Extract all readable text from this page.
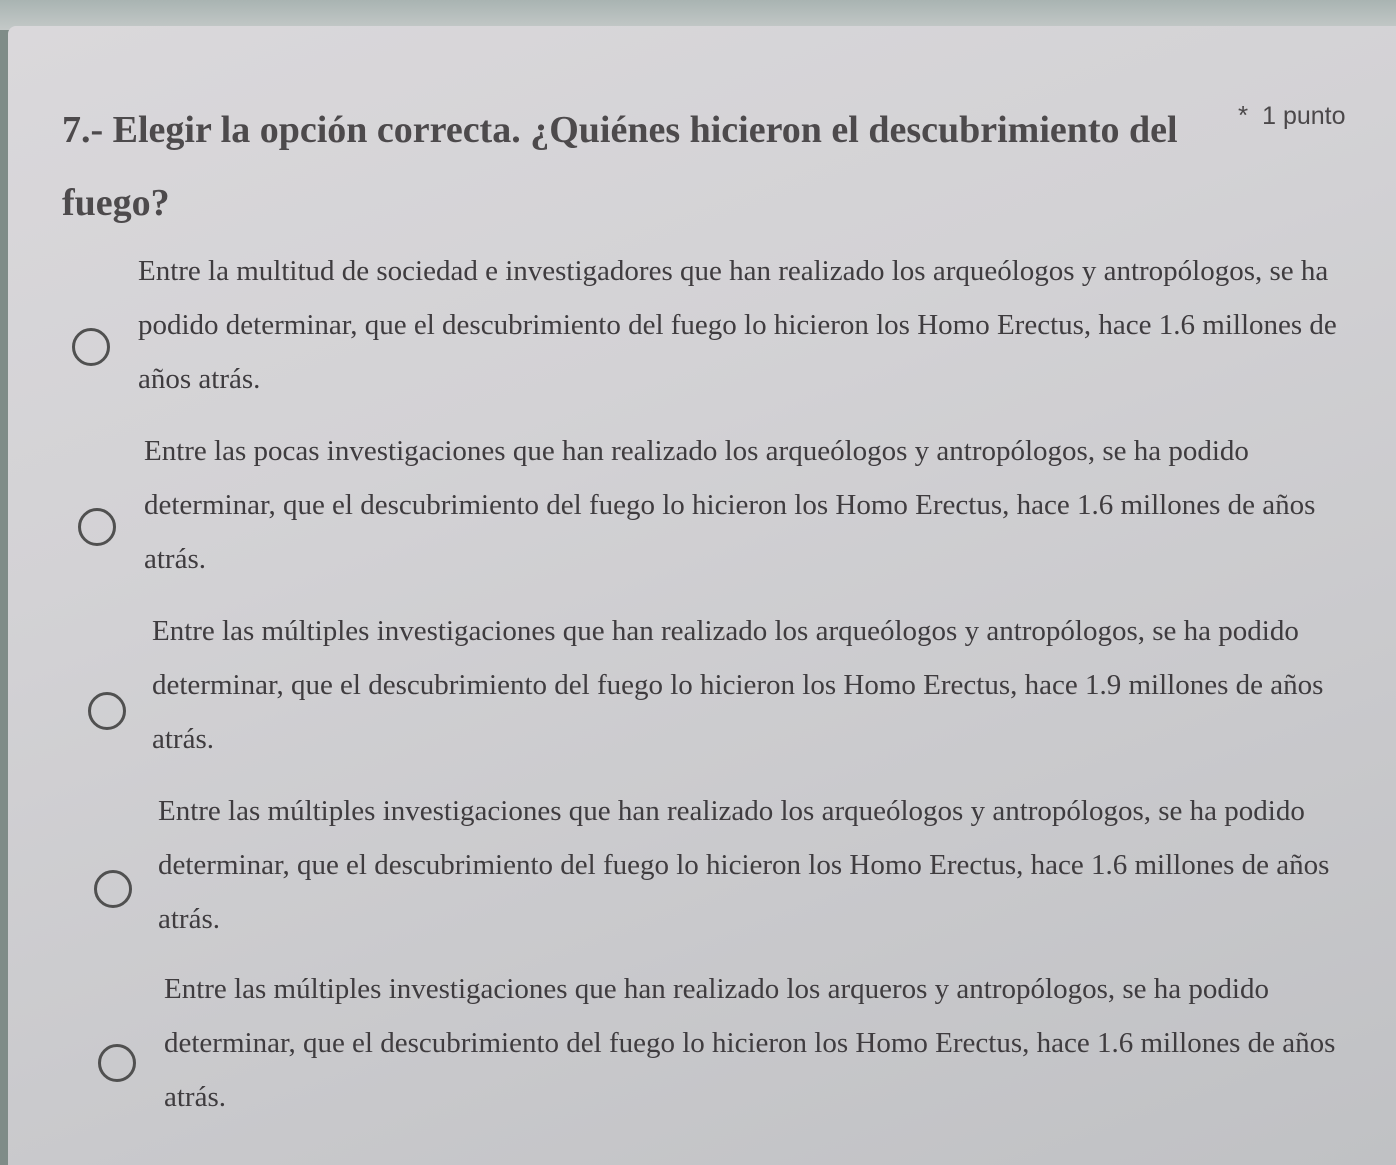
7.- Elegir la opción correcta. ¿Quiénes hicieron el descubrimiento del fuego?
* 1 punto
Entre la multitud de sociedad e investigadores que han realizado los arqueólogos y antropólogos, se ha podido determinar, que el descubrimiento del fuego lo hicieron los Homo Erectus, hace 1.6 millones de años atrás.
Entre las pocas investigaciones que han realizado los arqueólogos y antropólogos, se ha podido determinar, que el descubrimiento del fuego lo hicieron los Homo Erectus, hace 1.6 millones de años atrás.
Entre las múltiples investigaciones que han realizado los arqueólogos y antropólogos, se ha podido determinar, que el descubrimiento del fuego lo hicieron los Homo Erectus, hace 1.9 millones de años atrás.
Entre las múltiples investigaciones que han realizado los arqueólogos y antropólogos, se ha podido determinar, que el descubrimiento del fuego lo hicieron los Homo Erectus, hace 1.6 millones de años atrás.
Entre las múltiples investigaciones que han realizado los arqueros y antropólogos, se ha podido determinar, que el descubrimiento del fuego lo hicieron los Homo Erectus, hace 1.6 millones de años atrás.
